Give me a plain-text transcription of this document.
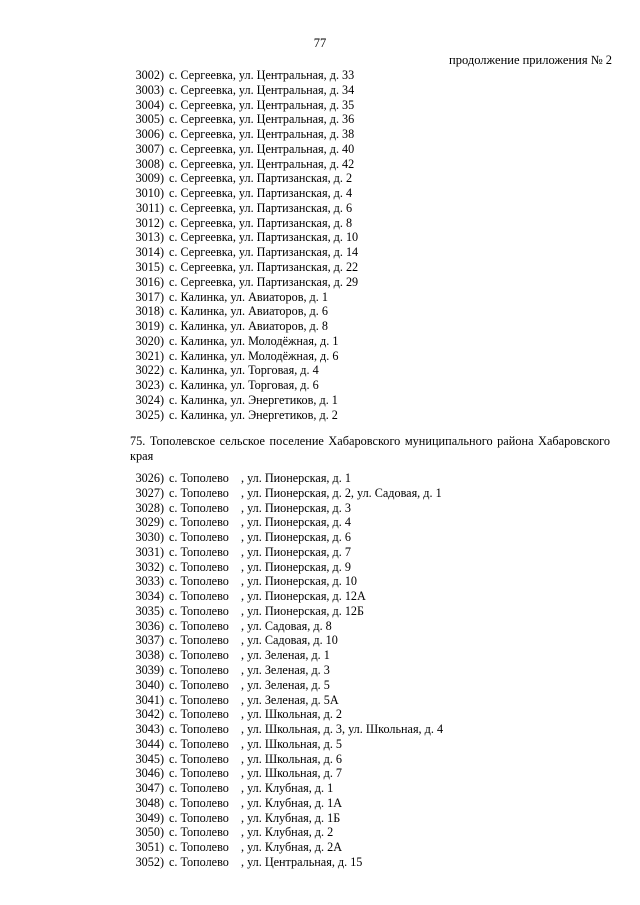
77
продолжение приложения № 2
3002) с. Сергеевка, ул. Центральная, д. 33
3003) с. Сергеевка, ул. Центральная, д. 34
3004) с. Сергеевка, ул. Центральная, д. 35
3005) с. Сергеевка, ул. Центральная, д. 36
3006) с. Сергеевка, ул. Центральная, д. 38
3007) с. Сергеевка, ул. Центральная, д. 40
3008) с. Сергеевка, ул. Центральная, д. 42
3009) с. Сергеевка, ул. Партизанская, д. 2
3010) с. Сергеевка, ул. Партизанская, д. 4
3011) с. Сергеевка, ул. Партизанская, д. 6
3012) с. Сергеевка, ул. Партизанская, д. 8
3013) с. Сергеевка, ул. Партизанская, д. 10
3014) с. Сергеевка, ул. Партизанская, д. 14
3015) с. Сергеевка, ул. Партизанская, д. 22
3016) с. Сергеевка, ул. Партизанская, д. 29
3017) с. Калинка, ул. Авиаторов, д. 1
3018) с. Калинка, ул. Авиаторов, д. 6
3019) с. Калинка, ул. Авиаторов, д. 8
3020) с. Калинка, ул. Молодёжная, д. 1
3021) с. Калинка, ул. Молодёжная, д. 6
3022) с. Калинка, ул. Торговая, д. 4
3023) с. Калинка, ул. Торговая, д. 6
3024) с. Калинка, ул. Энергетиков, д. 1
3025) с. Калинка, ул. Энергетиков, д. 2
75. Тополевское сельское поселение Хабаровского муниципального района Хабаровского края
3026) с. Тополево , ул. Пионерская, д. 1
3027) с. Тополево , ул. Пионерская, д. 2, ул. Садовая, д. 1
3028) с. Тополево , ул. Пионерская, д. 3
3029) с. Тополево , ул. Пионерская, д. 4
3030) с. Тополево , ул. Пионерская, д. 6
3031) с. Тополево , ул. Пионерская, д. 7
3032) с. Тополево , ул. Пионерская, д. 9
3033) с. Тополево , ул. Пионерская, д. 10
3034) с. Тополево , ул. Пионерская, д. 12А
3035) с. Тополево , ул. Пионерская, д. 12Б
3036) с. Тополево , ул. Садовая, д. 8
3037) с. Тополево , ул. Садовая, д. 10
3038) с. Тополево , ул. Зеленая, д. 1
3039) с. Тополево , ул. Зеленая, д. 3
3040) с. Тополево , ул. Зеленая, д. 5
3041) с. Тополево , ул. Зеленая, д. 5А
3042) с. Тополево , ул. Школьная, д. 2
3043) с. Тополево , ул. Школьная, д. 3, ул. Школьная, д. 4
3044) с. Тополево , ул. Школьная, д. 5
3045) с. Тополево , ул. Школьная, д. 6
3046) с. Тополево , ул. Школьная, д. 7
3047) с. Тополево , ул. Клубная, д. 1
3048) с. Тополево , ул. Клубная, д. 1А
3049) с. Тополево , ул. Клубная, д. 1Б
3050) с. Тополево , ул. Клубная, д. 2
3051) с. Тополево , ул. Клубная, д. 2А
3052) с. Тополево , ул. Центральная, д. 15
